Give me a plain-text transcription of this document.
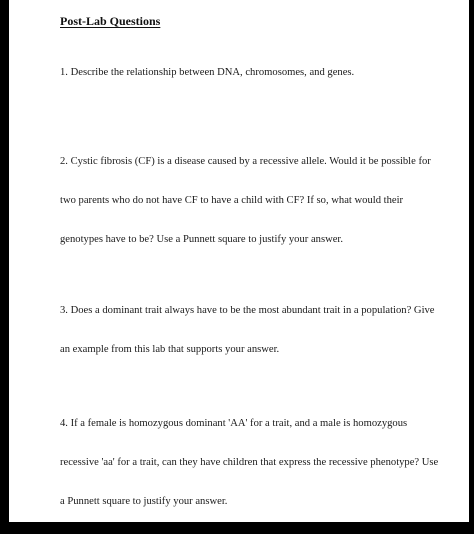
Post-Lab Questions

1. Describe the relationship between DNA, chromosomes, and genes.

2. Cystic fibrosis (CF) is a disease caused by a recessive allele. Would it be possible for

two parents who do not have CF to have a child with CF? If so, what would their

genotypes have to be? Use a Punnett square to justify your answer.

3. Does a dominant trait always have to be the most abundant trait in a population? Give

an example from this lab that supports your answer.

4. If a female is homozygous dominant 'AA' for a trait, and a male is homozygous

recessive 'aa' for a trait, can they have children that express the recessive phenotype? Use

a Punnett square to justify your answer.
